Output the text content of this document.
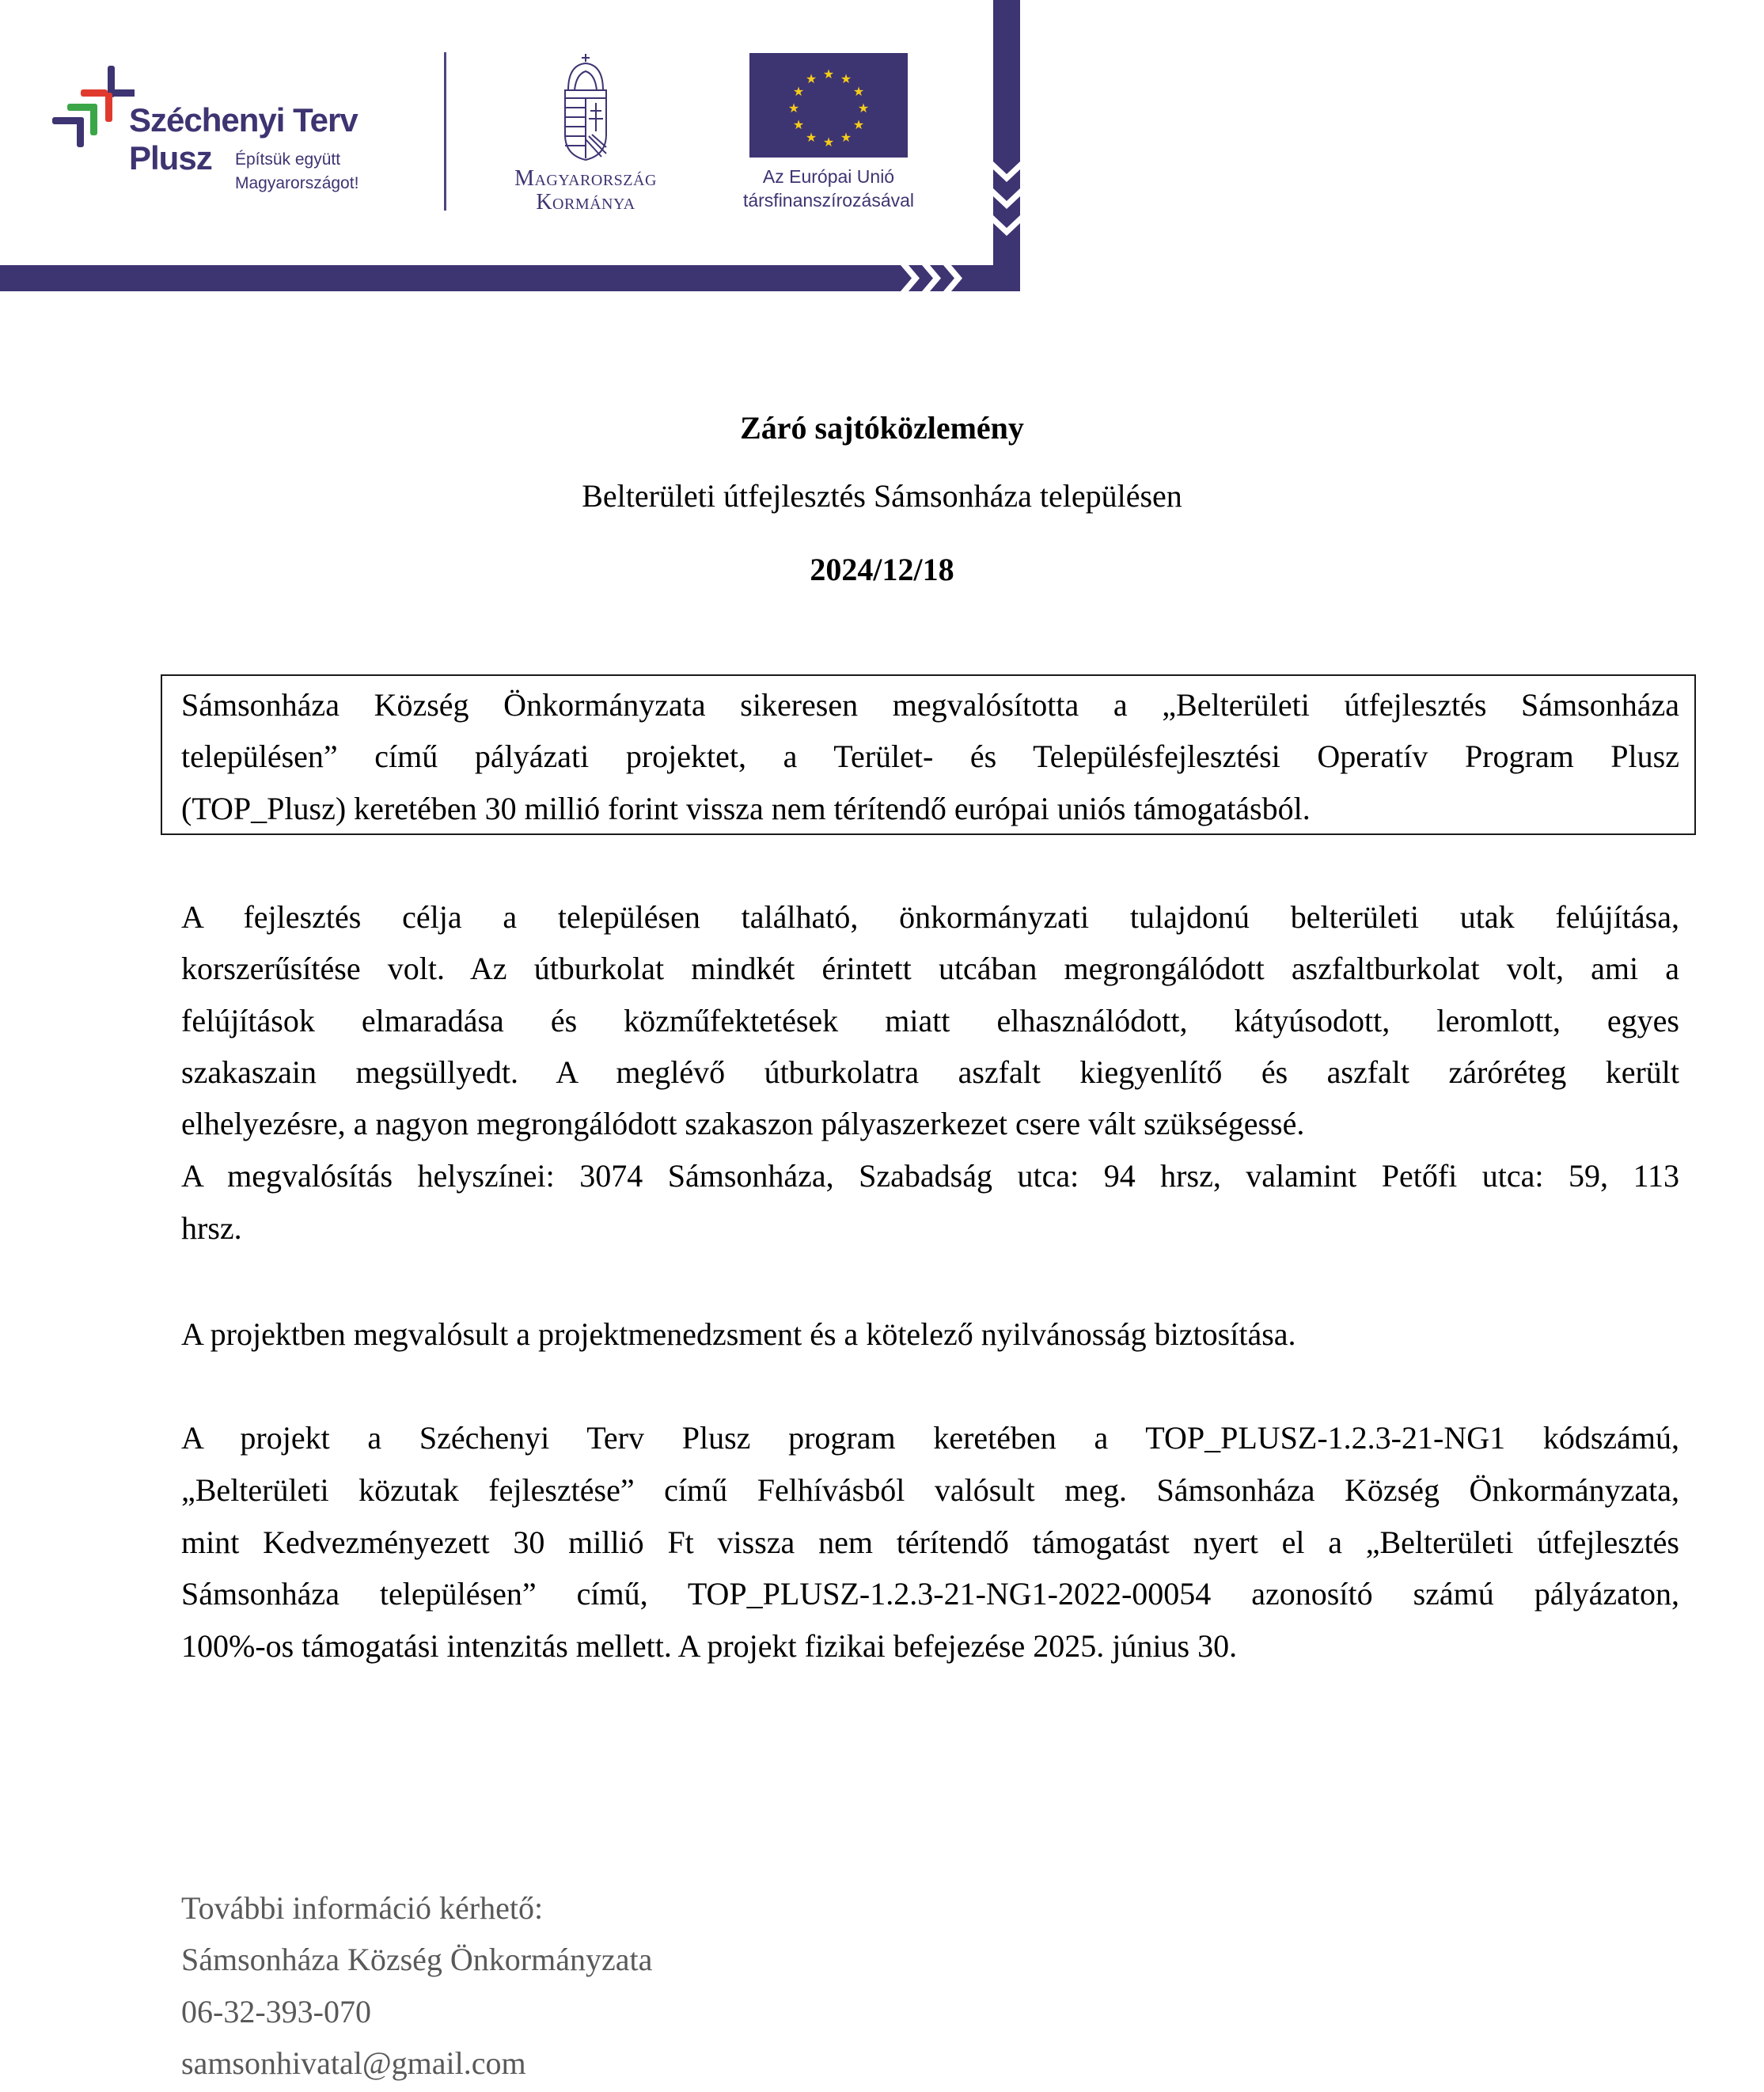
Széchenyi Terv
Plusz Építsük együtt
Magyarországot!	Magyarország
Kormánya
★ ★
★
★
★
★
★
★
★
★
★
★
Az Európai Unió
társfinanszírozásával
Záró sajtóközlemény
Belterületi útfejlesztés Sámsonháza településen
2024/12/18
Sámsonháza Község Önkormányzata sikeresen megvalósította a „Belterületi útfejlesztés Sámsonháza
településen” című pályázati projektet, a Terület- és Településfejlesztési Operatív Program Plusz
(TOP_Plusz) keretében 30 millió forint vissza nem térítendő európai uniós támogatásból.
A fejlesztés célja a településen található, önkormányzati tulajdonú belterületi utak felújítása,
korszerűsítése volt. Az útburkolat mindkét érintett utcában megrongálódott aszfaltburkolat volt, ami a
felújítások elmaradása és közműfektetések miatt elhasználódott, kátyúsodott, leromlott, egyes
szakaszain megsüllyedt. A meglévő útburkolatra aszfalt kiegyenlítő és aszfalt záróréteg került
elhelyezésre, a nagyon megrongálódott szakaszon pályaszerkezet csere vált szükségessé.
A megvalósítás helyszínei: 3074 Sámsonháza, Szabadság utca: 94 hrsz, valamint Petőfi utca: 59, 113
hrsz.
A projektben megvalósult a projektmenedzsment és a kötelező nyilvánosság biztosítása.
A projekt a Széchenyi Terv Plusz program keretében a TOP_PLUSZ-1.2.3-21-NG1 kódszámú,
„Belterületi közutak fejlesztése” című Felhívásból valósult meg. Sámsonháza Község Önkormányzata,
mint Kedvezményezett 30 millió Ft vissza nem térítendő támogatást nyert el a „Belterületi útfejlesztés
Sámsonháza településen” című, TOP_PLUSZ-1.2.3-21-NG1-2022-00054 azonosító számú pályázaton,
100%-os támogatási intenzitás mellett. A projekt fizikai befejezése 2025. június 30.
További információ kérhető:
Sámsonháza Község Önkormányzata
06-32-393-070
samsonhivatal@gmail.com
